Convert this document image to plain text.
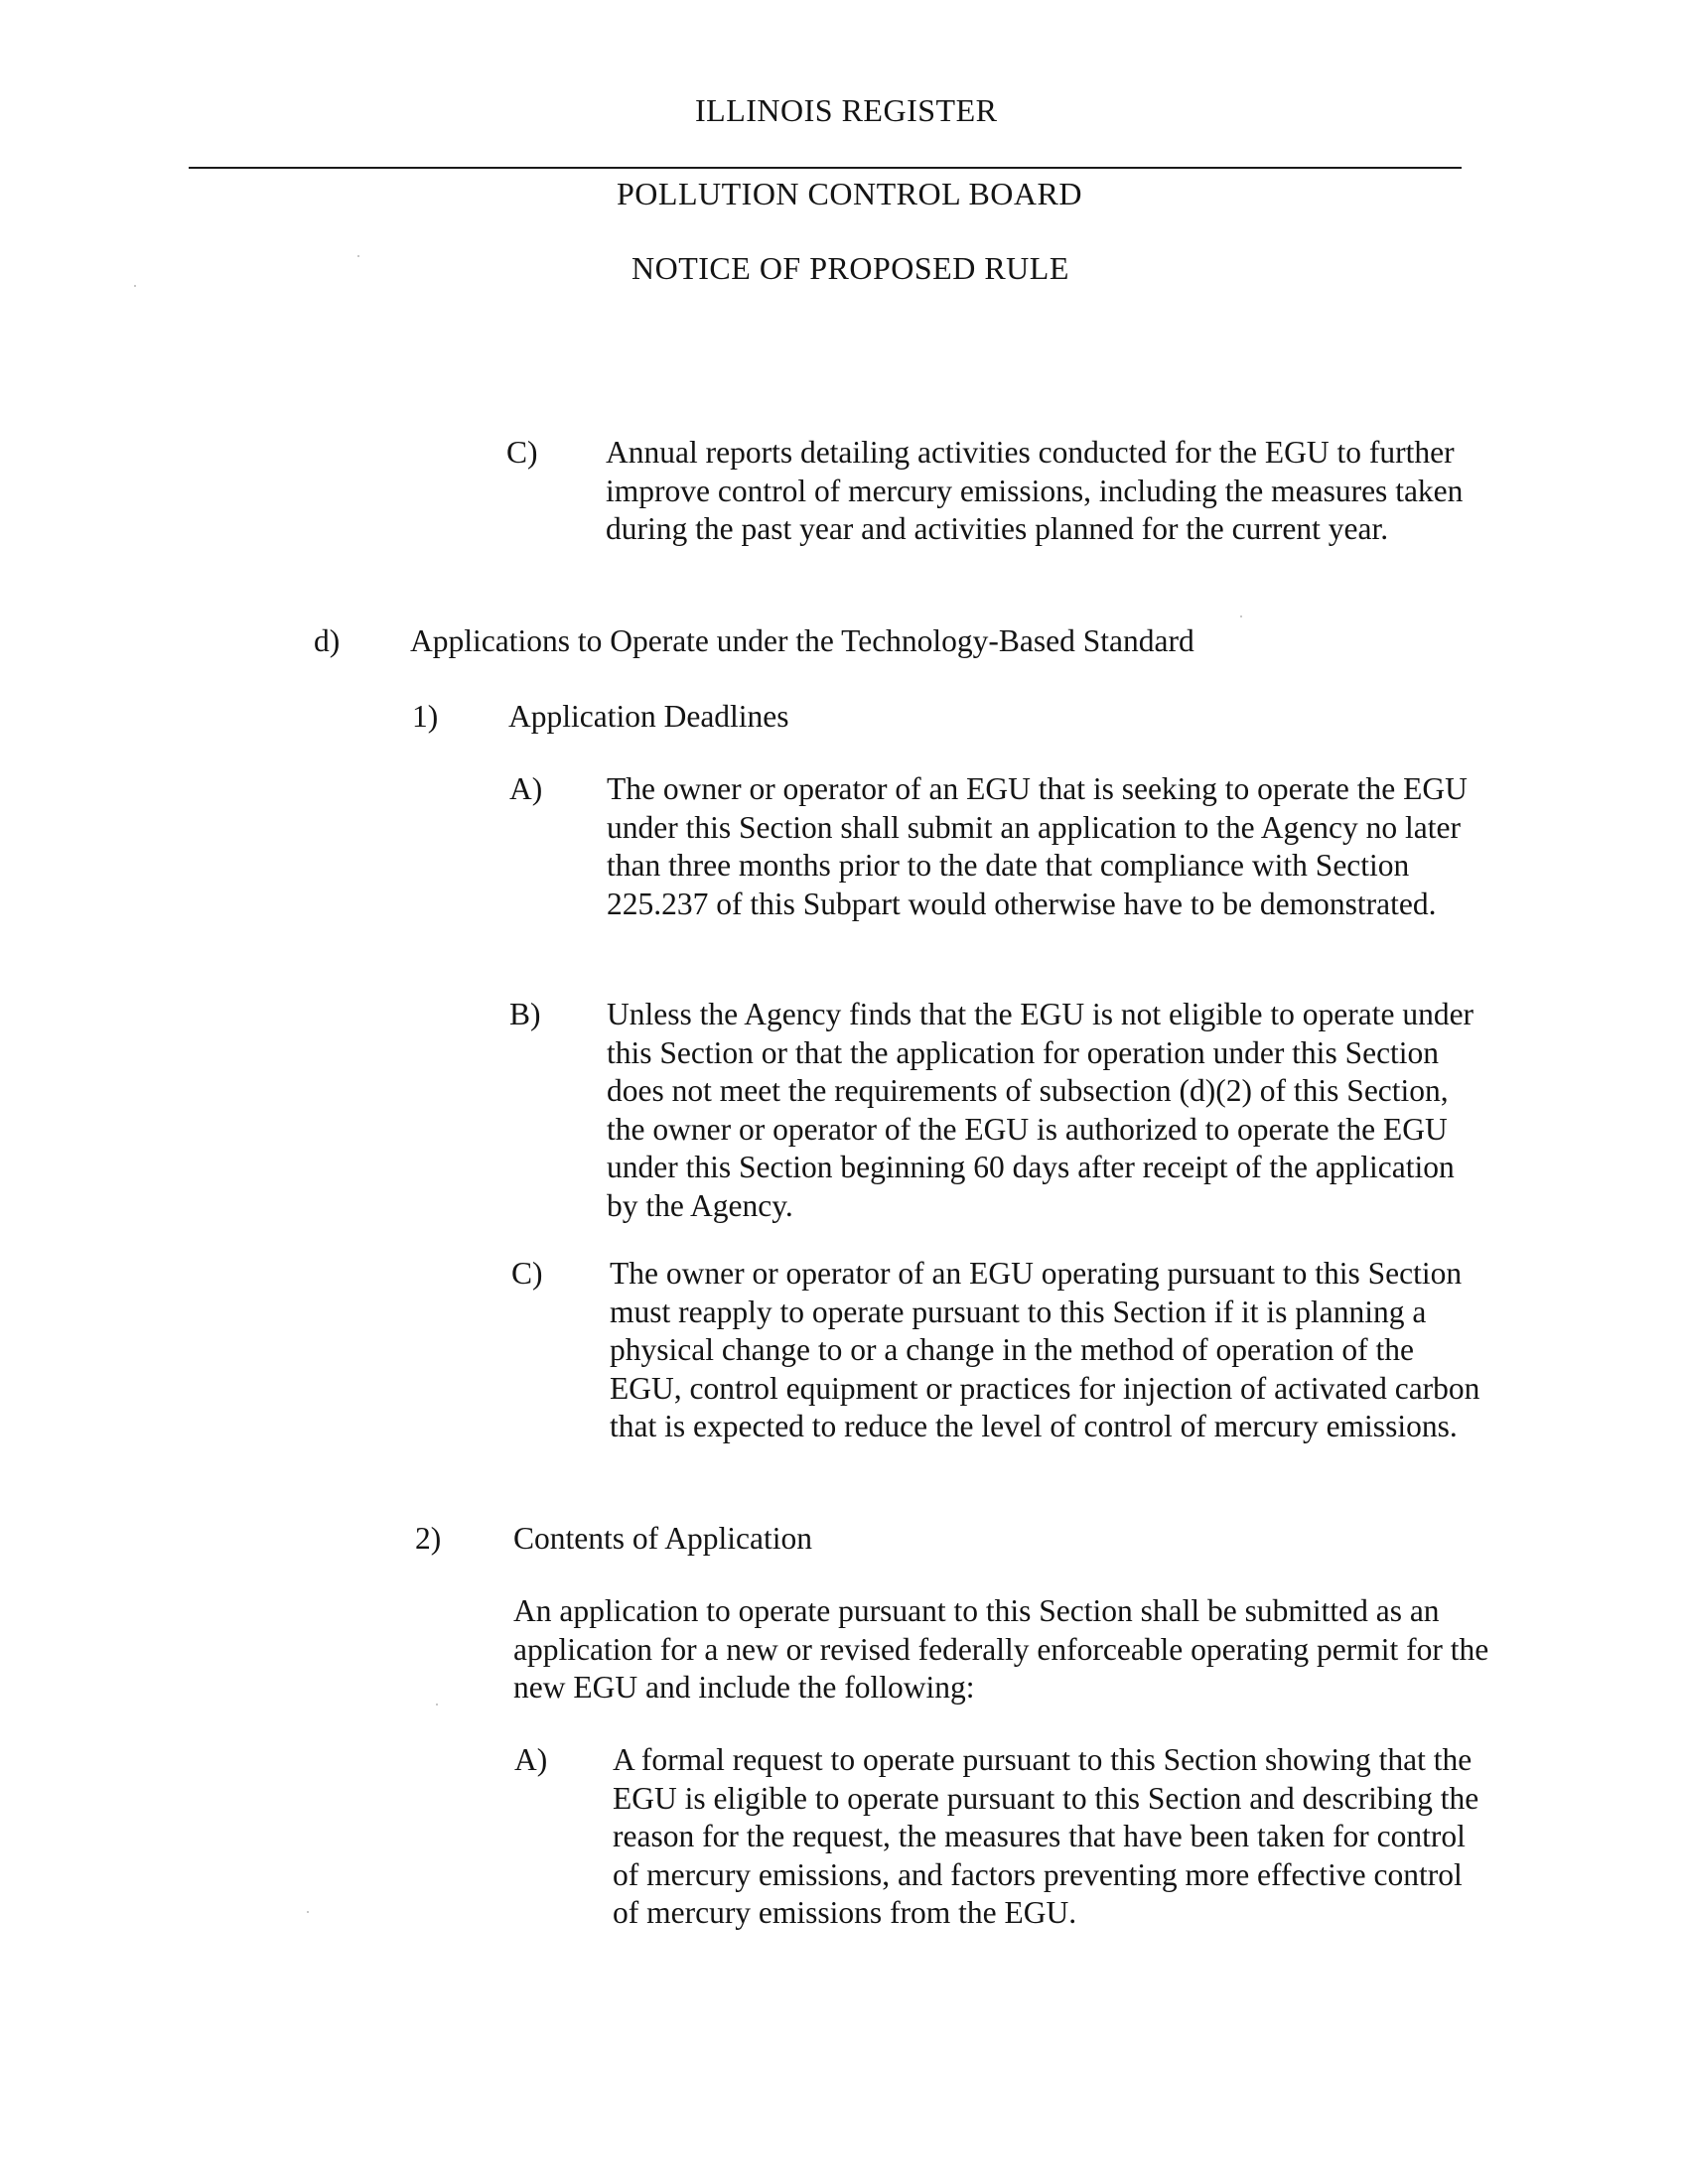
ILLINOIS REGISTER
POLLUTION CONTROL BOARD
NOTICE OF PROPOSED RULE
C) Annual reports detailing activities conducted for the EGU to further improve control of mercury emissions, including the measures taken during the past year and activities planned for the current year.
d) Applications to Operate under the Technology-Based Standard
1) Application Deadlines
A) The owner or operator of an EGU that is seeking to operate the EGU under this Section shall submit an application to the Agency no later than three months prior to the date that compliance with Section 225.237 of this Subpart would otherwise have to be demonstrated.
B) Unless the Agency finds that the EGU is not eligible to operate under this Section or that the application for operation under this Section does not meet the requirements of subsection (d)(2) of this Section, the owner or operator of the EGU is authorized to operate the EGU under this Section beginning 60 days after receipt of the application by the Agency.
C) The owner or operator of an EGU operating pursuant to this Section must reapply to operate pursuant to this Section if it is planning a physical change to or a change in the method of operation of the EGU, control equipment or practices for injection of activated carbon that is expected to reduce the level of control of mercury emissions.
2) Contents of Application
An application to operate pursuant to this Section shall be submitted as an application for a new or revised federally enforceable operating permit for the new EGU and include the following:
A) A formal request to operate pursuant to this Section showing that the EGU is eligible to operate pursuant to this Section and describing the reason for the request, the measures that have been taken for control of mercury emissions, and factors preventing more effective control of mercury emissions from the EGU.
